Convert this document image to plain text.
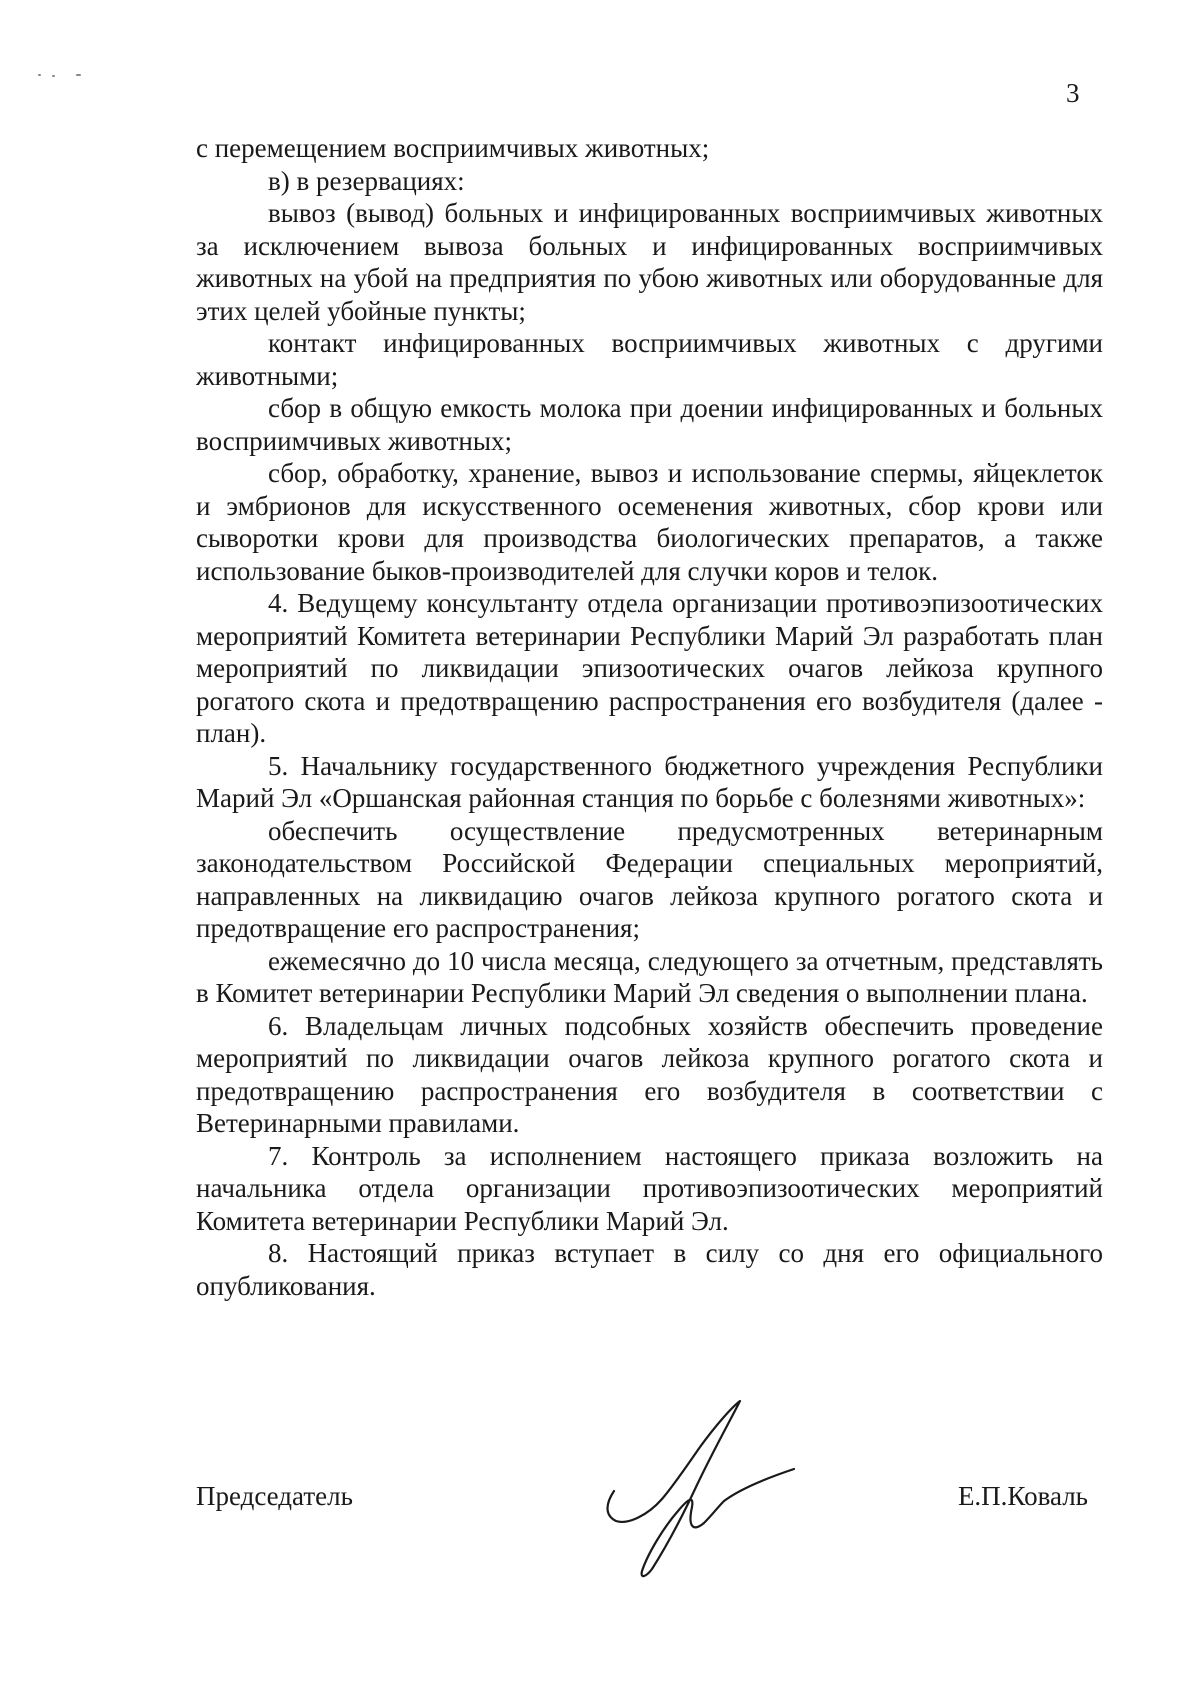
3

с перемещением восприимчивых животных;

в) в резервациях:

вывоз (вывод) больных и инфицированных восприимчивых животных за исключением вывоза больных и инфицированных восприимчивых животных на убой на предприятия по убою животных или оборудованные для этих целей убойные пункты;

контакт инфицированных восприимчивых животных с другими животными;

сбор в общую емкость молока при доении инфицированных и больных восприимчивых животных;

сбор, обработку, хранение, вывоз и использование спермы, яйцеклеток и эмбрионов для искусственного осеменения животных, сбор крови или сыворотки крови для производства биологических препаратов, а также использование быков-производителей для случки коров и телок.

4. Ведущему консультанту отдела организации противоэпизоотических мероприятий Комитета ветеринарии Республики Марий Эл разработать план мероприятий по ликвидации эпизоотических очагов лейкоза крупного рогатого скота и предотвращению распространения его возбудителя (далее - план).

5. Начальнику государственного бюджетного учреждения Республики Марий Эл «Оршанская районная станция по борьбе с болезнями животных»:

обеспечить осуществление предусмотренных ветеринарным законодательством Российской Федерации специальных мероприятий, направленных на ликвидацию очагов лейкоза крупного рогатого скота и предотвращение его распространения;

ежемесячно до 10 числа месяца, следующего за отчетным, представлять в Комитет ветеринарии Республики Марий Эл сведения о выполнении плана.

6. Владельцам личных подсобных хозяйств обеспечить проведение мероприятий по ликвидации очагов лейкоза крупного рогатого скота и предотвращению распространения его возбудителя в соответствии с Ветеринарными правилами.

7. Контроль за исполнением настоящего приказа возложить на начальника отдела организации противоэпизоотических мероприятий Комитета ветеринарии Республики Марий Эл.

8. Настоящий приказ вступает в силу со дня его официального опубликования.

Председатель	Е.П.Коваль
